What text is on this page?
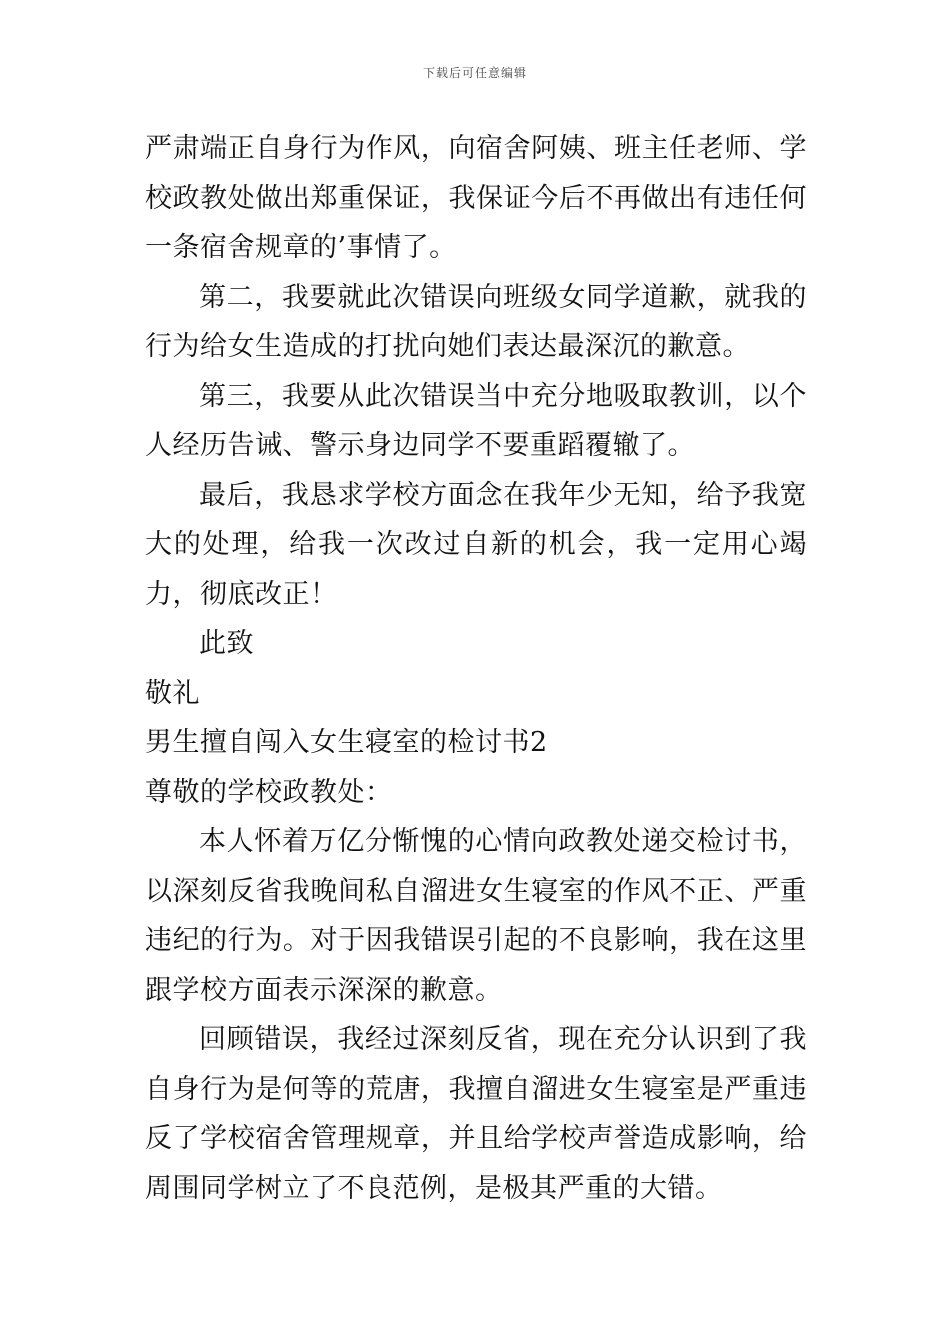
下载后可任意编辑

严肃端正自身行为作风，向宿舍阿姨、班主任老师、学校政教处做出郑重保证，我保证今后不再做出有违任何一条宿舍规章的’事情了。

第二，我要就此次错误向班级女同学道歉，就我的行为给女生造成的打扰向她们表达最深沉的歉意。

第三，我要从此次错误当中充分地吸取教训，以个人经历告诫、警示身边同学不要重蹈覆辙了。

最后，我恳求学校方面念在我年少无知，给予我宽大的处理，给我一次改过自新的机会，我一定用心竭力，彻底改正！

此致

敬礼

男生擅自闯入女生寝室的检讨书2

尊敬的学校政教处：

本人怀着万亿分惭愧的心情向政教处递交检讨书，以深刻反省我晚间私自溜进女生寝室的作风不正、严重违纪的行为。对于因我错误引起的不良影响，我在这里跟学校方面表示深深的歉意。

回顾错误，我经过深刻反省，现在充分认识到了我自身行为是何等的荒唐，我擅自溜进女生寝室是严重违反了学校宿舍管理规章，并且给学校声誉造成影响，给周围同学树立了不良范例，是极其严重的大错。
